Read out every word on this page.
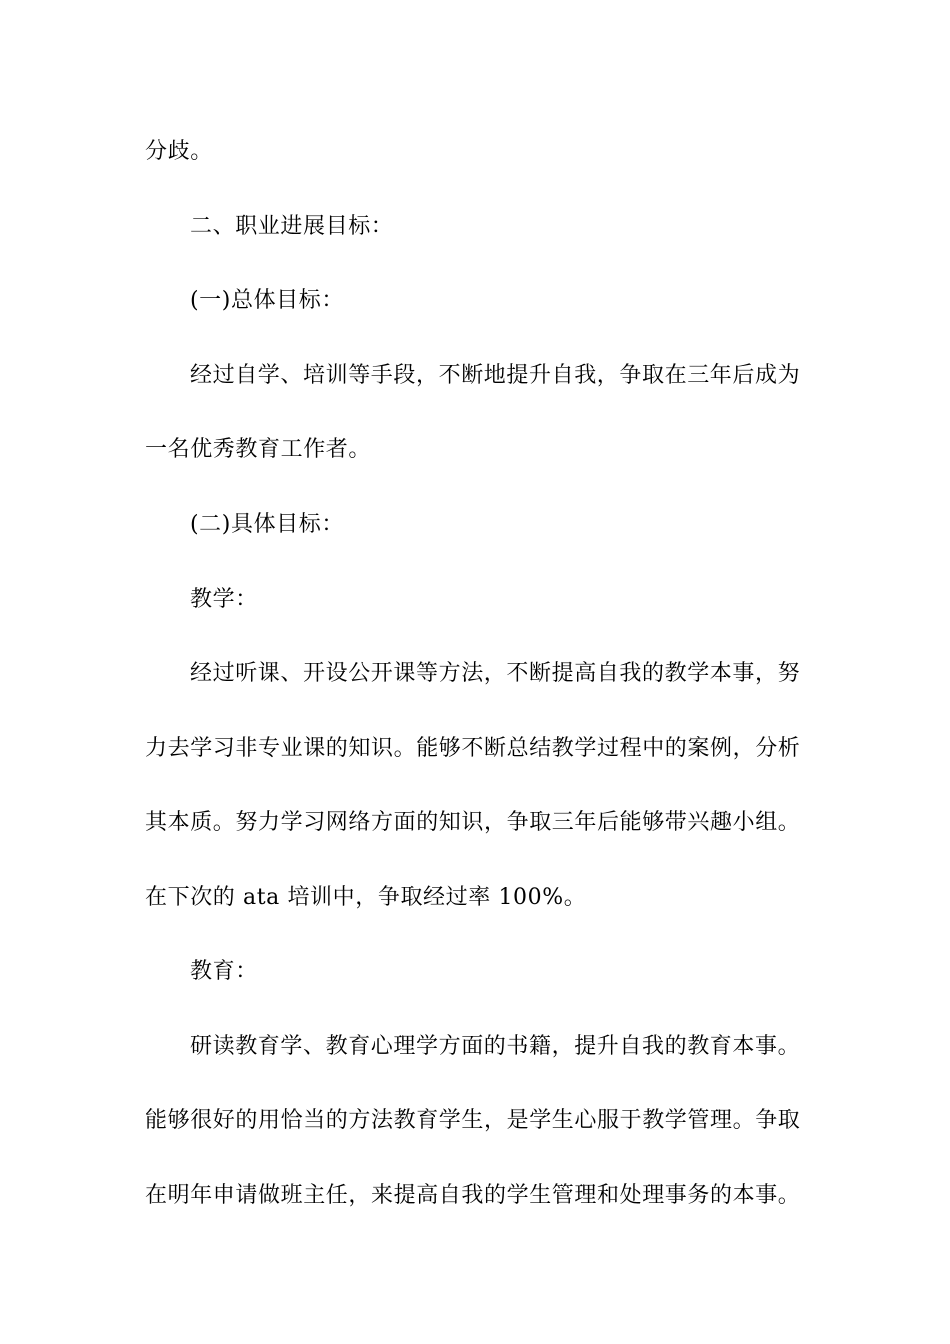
分歧。
二、职业进展目标：
(一)总体目标：
经过自学、培训等手段，不断地提升自我，争取在三年后成为
一名优秀教育工作者。
(二)具体目标：
教学：
经过听课、开设公开课等方法，不断提高自我的教学本事，努
力去学习非专业课的知识。能够不断总结教学过程中的案例，分析
其本质。努力学习网络方面的知识，争取三年后能够带兴趣小组。
在下次的 ata 培训中，争取经过率 100%。
教育：
研读教育学、教育心理学方面的书籍，提升自我的教育本事。
能够很好的用恰当的方法教育学生，是学生心服于教学管理。争取
在明年申请做班主任，来提高自我的学生管理和处理事务的本事。
